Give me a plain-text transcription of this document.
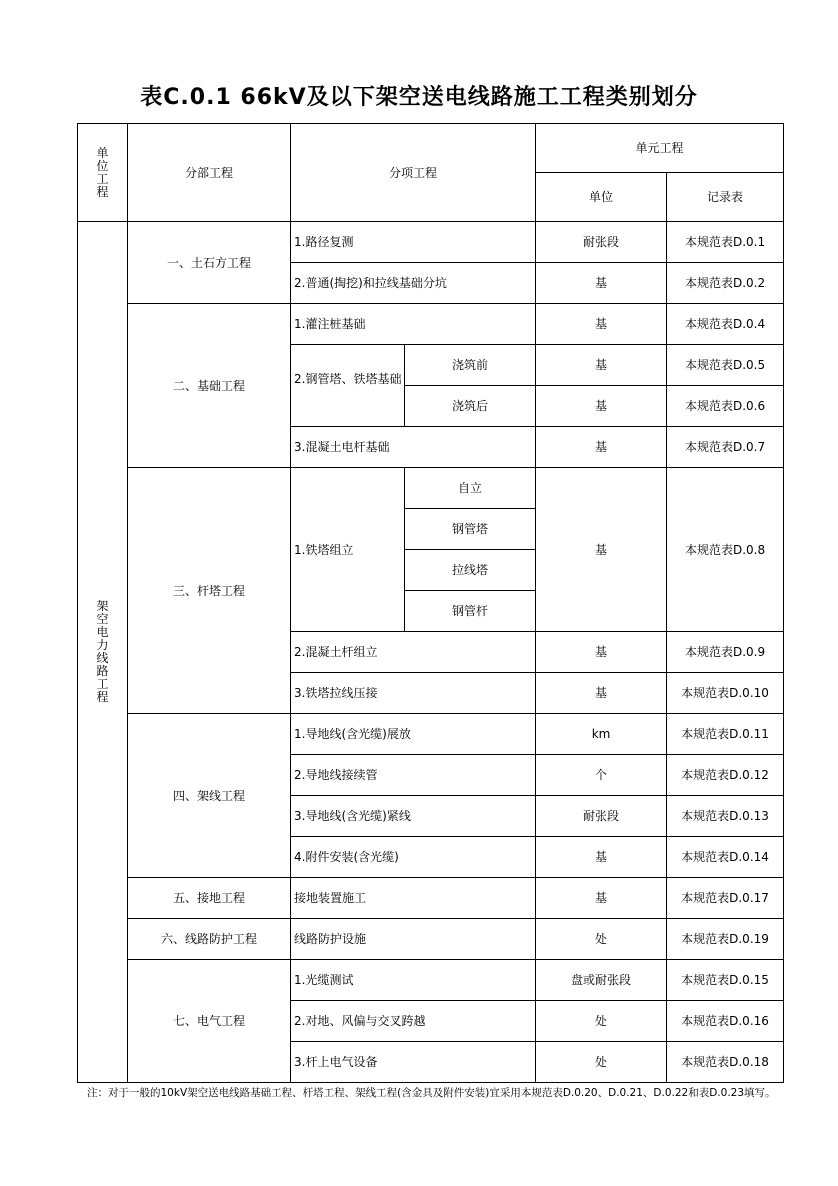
表C.0.1 66kV及以下架空送电线路施工工程类别划分
单位工程	分部工程	分项工程		单元工程	
				单位	记录表
架空电力线路工程	一、土石方工程	1.路径复测		耐张段	本规范表D.0.1
		2.普通(掏挖)和拉线基础分坑		基	本规范表D.0.2
	二、基础工程	1.灌注桩基础		基	本规范表D.0.4
		2.钢管塔、铁塔基础	浇筑前	基	本规范表D.0.5
			浇筑后	基	本规范表D.0.6
		3.混凝土电杆基础		基	本规范表D.0.7
	三、杆塔工程	1.铁塔组立	自立	基	本规范表D.0.8
			钢管塔		
			拉线塔		
			钢管杆		
		2.混凝土杆组立		基	本规范表D.0.9
		3.铁塔拉线压接		基	本规范表D.0.10
	四、架线工程	1.导地线(含光缆)展放		km	本规范表D.0.11
		2.导地线接续管		个	本规范表D.0.12
		3.导地线(含光缆)紧线		耐张段	本规范表D.0.13
		4.附件安装(含光缆)		基	本规范表D.0.14
	五、接地工程	接地装置施工		基	本规范表D.0.17
	六、线路防护工程	线路防护设施		处	本规范表D.0.19
	七、电气工程	1.光缆测试		盘或耐张段	本规范表D.0.15
		2.对地、风偏与交叉跨越		处	本规范表D.0.16
		3.杆上电气设备		处	本规范表D.0.18
注：对于一般的10kV架空送电线路基础工程、杆塔工程、架线工程(含金具及附件安装)宜采用本规范表D.0.20、D.0.21、D.0.22和表D.0.23填写。
